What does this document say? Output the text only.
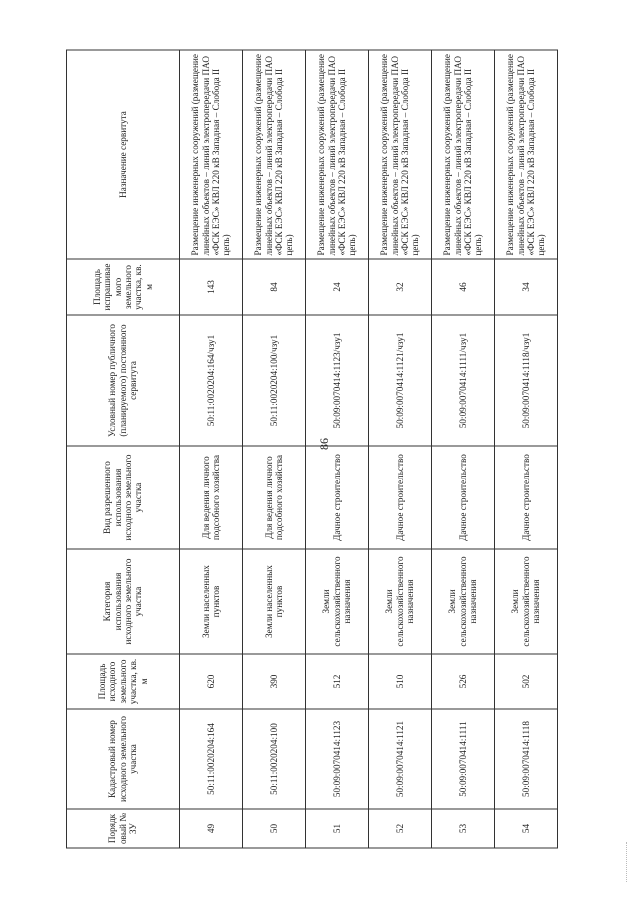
86
Порядковый № ЗУ	Кадастровый номер исходного земельного участка	Площадь исходного земельного участка, кв. м	Категория использования исходного земельного участка	Вид разрешенного использования исходного земельного участка	Условный номер публичного (планируемого) постоянного сервитута	Площадь испрашиваемого земельного участка, кв. м	Назначение сервитута
49	50:11:0020204:164	620	Земли населенных пунктов	Для ведения личного подсобного хозяйства	50:11:0020204:164/чзу1	143	Размещение инженерных сооружений (размещение линейных объектов – линий электропередачи ПАО «ФСК ЕЭС» КВЛ 220 кВ Западная – Слобода II цепь)
50	50:11:0020204:100	390	Земли населенных пунктов	Для ведения личного подсобного хозяйства	50:11:0020204:100/чзу1	84	Размещение инженерных сооружений (размещение линейных объектов – линий электропередачи ПАО «ФСК ЕЭС» КВЛ 220 кВ Западная – Слобода II цепь)
51	50:09:0070414:1123	512	Земли сельскохозяйственного назначения	Дачное строительство	50:09:0070414:1123/чзу1	24	Размещение инженерных сооружений (размещение линейных объектов – линий электропередачи ПАО «ФСК ЕЭС» КВЛ 220 кВ Западная – Слобода II цепь)
52	50:09:0070414:1121	510	Земли сельскохозяйственного назначения	Дачное строительство	50:09:0070414:1121/чзу1	32	Размещение инженерных сооружений (размещение линейных объектов – линий электропередачи ПАО «ФСК ЕЭС» КВЛ 220 кВ Западная – Слобода II цепь)
53	50:09:0070414:1111	526	Земли сельскохозяйственного назначения	Дачное строительство	50:09:0070414:1111/чзу1	46	Размещение инженерных сооружений (размещение линейных объектов – линий электропередачи ПАО «ФСК ЕЭС» КВЛ 220 кВ Западная – Слобода II цепь)
54	50:09:0070414:1118	502	Земли сельскохозяйственного назначения	Дачное строительство	50:09:0070414:1118/чзу1	34	Размещение инженерных сооружений (размещение линейных объектов – линий электропередачи ПАО «ФСК ЕЭС» КВЛ 220 кВ Западная – Слобода II цепь)
